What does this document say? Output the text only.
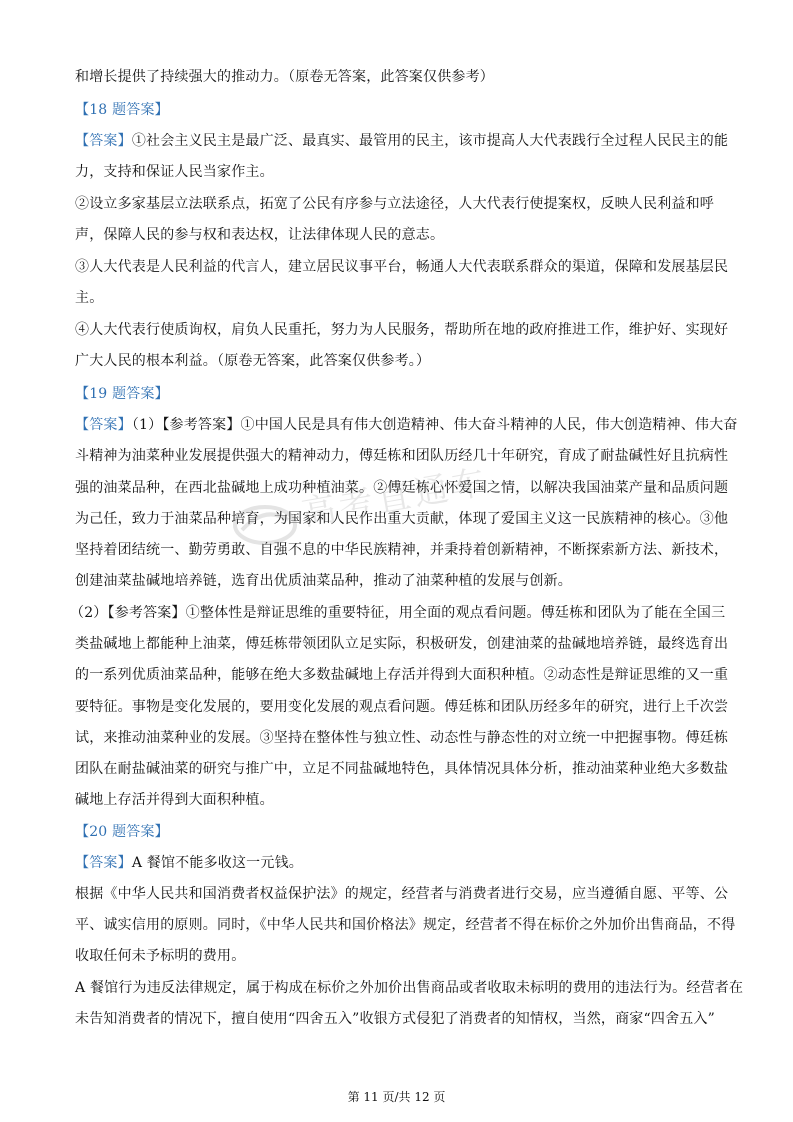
和增长提供了持续强大的推动力。（原卷无答案，此答案仅供参考）
【18 题答案】
【答案】①社会主义民主是最广泛、最真实、最管用的民主，该市提高人大代表践行全过程人民民主的能
力，支持和保证人民当家作主。
②设立多家基层立法联系点，拓宽了公民有序参与立法途径，人大代表行使提案权，反映人民利益和呼
声，保障人民的参与权和表达权，让法律体现人民的意志。
③人大代表是人民利益的代言人，建立居民议事平台，畅通人大代表联系群众的渠道，保障和发展基层民
主。
④人大代表行使质询权，肩负人民重托，努力为人民服务，帮助所在地的政府推进工作，维护好、实现好
广大人民的根本利益。（原卷无答案，此答案仅供参考。）
【19 题答案】
【答案】（1）【参考答案】①中国人民是具有伟大创造精神、伟大奋斗精神的人民，伟大创造精神、伟大奋
斗精神为油菜种业发展提供强大的精神动力，傅廷栋和团队历经几十年研究，育成了耐盐碱性好且抗病性
强的油菜品种，在西北盐碱地上成功种植油菜。②傅廷栋心怀爱国之情，以解决我国油菜产量和品质问题
为己任，致力于油菜品种培育，为国家和人民作出重大贡献，体现了爱国主义这一民族精神的核心。③他
坚持着团结统一、勤劳勇敢、自强不息的中华民族精神，并秉持着创新精神，不断探索新方法、新技术，
创建油菜盐碱地培养链，选育出优质油菜品种，推动了油菜种植的发展与创新。
（2）【参考答案】①整体性是辩证思维的重要特征，用全面的观点看问题。傅廷栋和团队为了能在全国三
类盐碱地上都能种上油菜，傅廷栋带领团队立足实际，积极研发，创建油菜的盐碱地培养链，最终选育出
的一系列优质油菜品种，能够在绝大多数盐碱地上存活并得到大面积种植。②动态性是辩证思维的又一重
要特征。事物是变化发展的，要用变化发展的观点看问题。傅廷栋和团队历经多年的研究，进行上千次尝
试，来推动油菜种业的发展。③坚持在整体性与独立性、动态性与静态性的对立统一中把握事物。傅廷栋
团队在耐盐碱油菜的研究与推广中，立足不同盐碱地特色，具体情况具体分析，推动油菜种业绝大多数盐
碱地上存活并得到大面积种植。
【20 题答案】
【答案】A 餐馆不能多收这一元钱。
根据《中华人民共和国消费者权益保护法》的规定，经营者与消费者进行交易，应当遵循自愿、平等、公
平、诚实信用的原则。同时，《中华人民共和国价格法》规定，经营者不得在标价之外加价出售商品，不得
收取任何未予标明的费用。
A 餐馆行为违反法律规定，属于构成在标价之外加价出售商品或者收取未标明的费用的违法行为。经营者在
未告知消费者的情况下，擅自使用“四舍五入”收银方式侵犯了消费者的知情权，当然，商家“四舍五入”
高考直通车
第 11 页/共 12 页
